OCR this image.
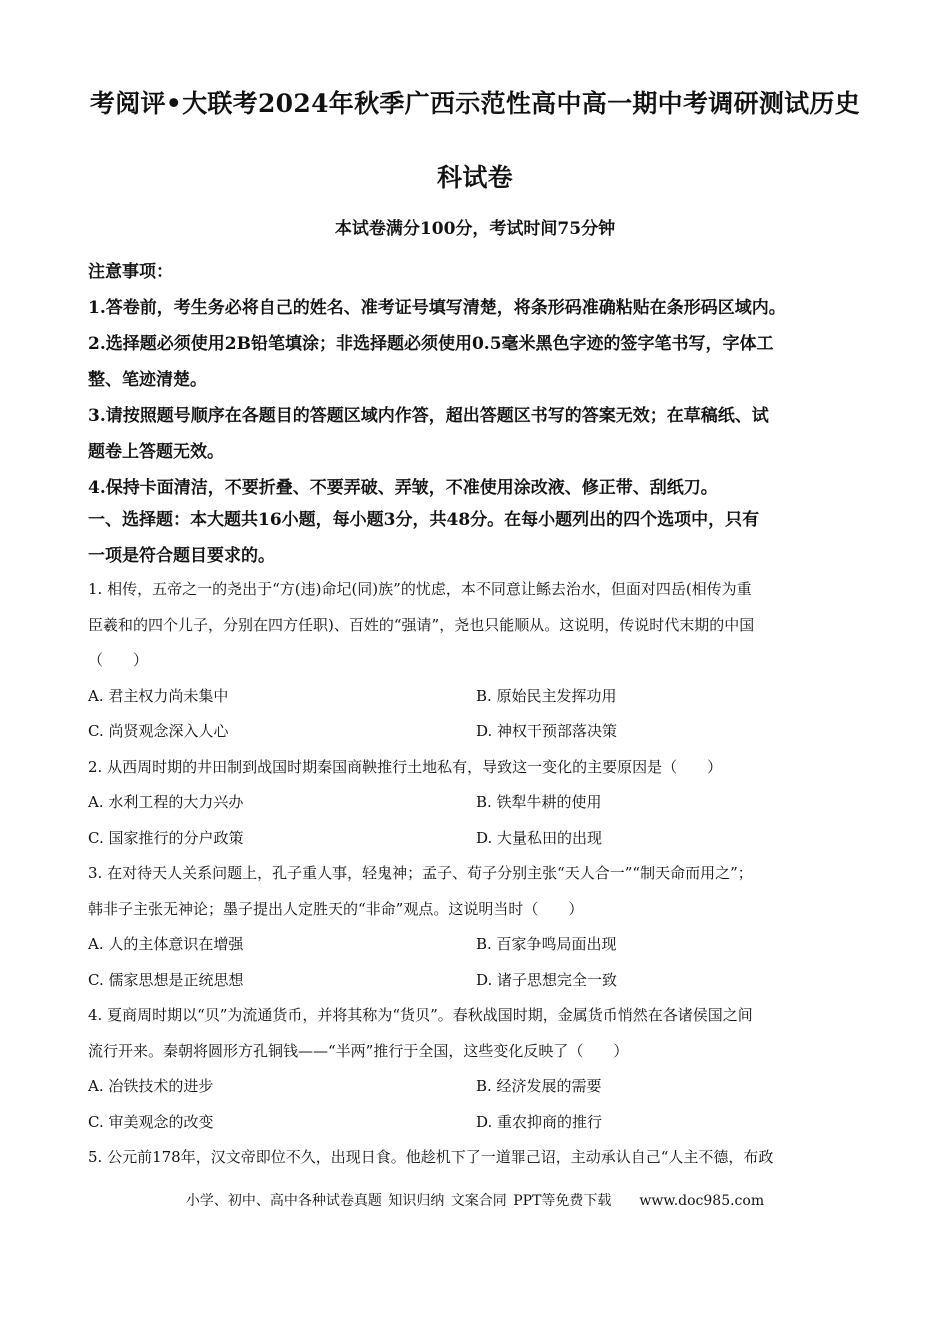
考阅评•大联考2024年秋季广西示范性高中高一期中考调研测试历史
科试卷
本试卷满分100分，考试时间75分钟
注意事项：
1.答卷前，考生务必将自己的姓名、准考证号填写清楚，将条形码准确粘贴在条形码区域内。
2.选择题必须使用2B铅笔填涂；非选择题必须使用0.5毫米黑色字迹的签字笔书写，字体工
整、笔迹清楚。
3.请按照题号顺序在各题目的答题区域内作答，超出答题区书写的答案无效；在草稿纸、试
题卷上答题无效。
4.保持卡面清洁，不要折叠、不要弄破、弄皱，不准使用涂改液、修正带、刮纸刀。
一、选择题：本大题共16小题，每小题3分，共48分。在每小题列出的四个选项中，只有
一项是符合题目要求的。
1. 相传，五帝之一的尧出于“方(违)命圮(同)族”的忧虑，本不同意让鲧去治水，但面对四岳(相传为重
臣羲和的四个儿子，分别在四方任职)、百姓的“强请”，尧也只能顺从。这说明，传说时代末期的中国
（　　）
A. 君主权力尚未集中	B. 原始民主发挥功用
C. 尚贤观念深入人心	D. 神权干预部落决策
2. 从西周时期的井田制到战国时期秦国商鞅推行土地私有，导致这一变化的主要原因是（　　）
A. 水利工程的大力兴办	B. 铁犁牛耕的使用
C. 国家推行的分户政策	D. 大量私田的出现
3. 在对待天人关系问题上，孔子重人事，轻鬼神；孟子、荀子分别主张“天人合一”“制天命而用之”；
韩非子主张无神论；墨子提出人定胜天的“非命”观点。这说明当时（　　）
A. 人的主体意识在增强	B. 百家争鸣局面出现
C. 儒家思想是正统思想	D. 诸子思想完全一致
4. 夏商周时期以“贝”为流通货币，并将其称为“货贝”。春秋战国时期，金属货币悄然在各诸侯国之间
流行开来。秦朝将圆形方孔铜钱——“半两”推行于全国，这些变化反映了（　　）
A. 冶铁技术的进步	B. 经济发展的需要
C. 审美观念的改变	D. 重农抑商的推行
5. 公元前178年，汉文帝即位不久，出现日食。他趁机下了一道罪己诏，主动承认自己“人主不德，布政
小学、初中、高中各种试卷真题 知识归纳 文案合同 PPT等免费下载　　www.doc985.com
